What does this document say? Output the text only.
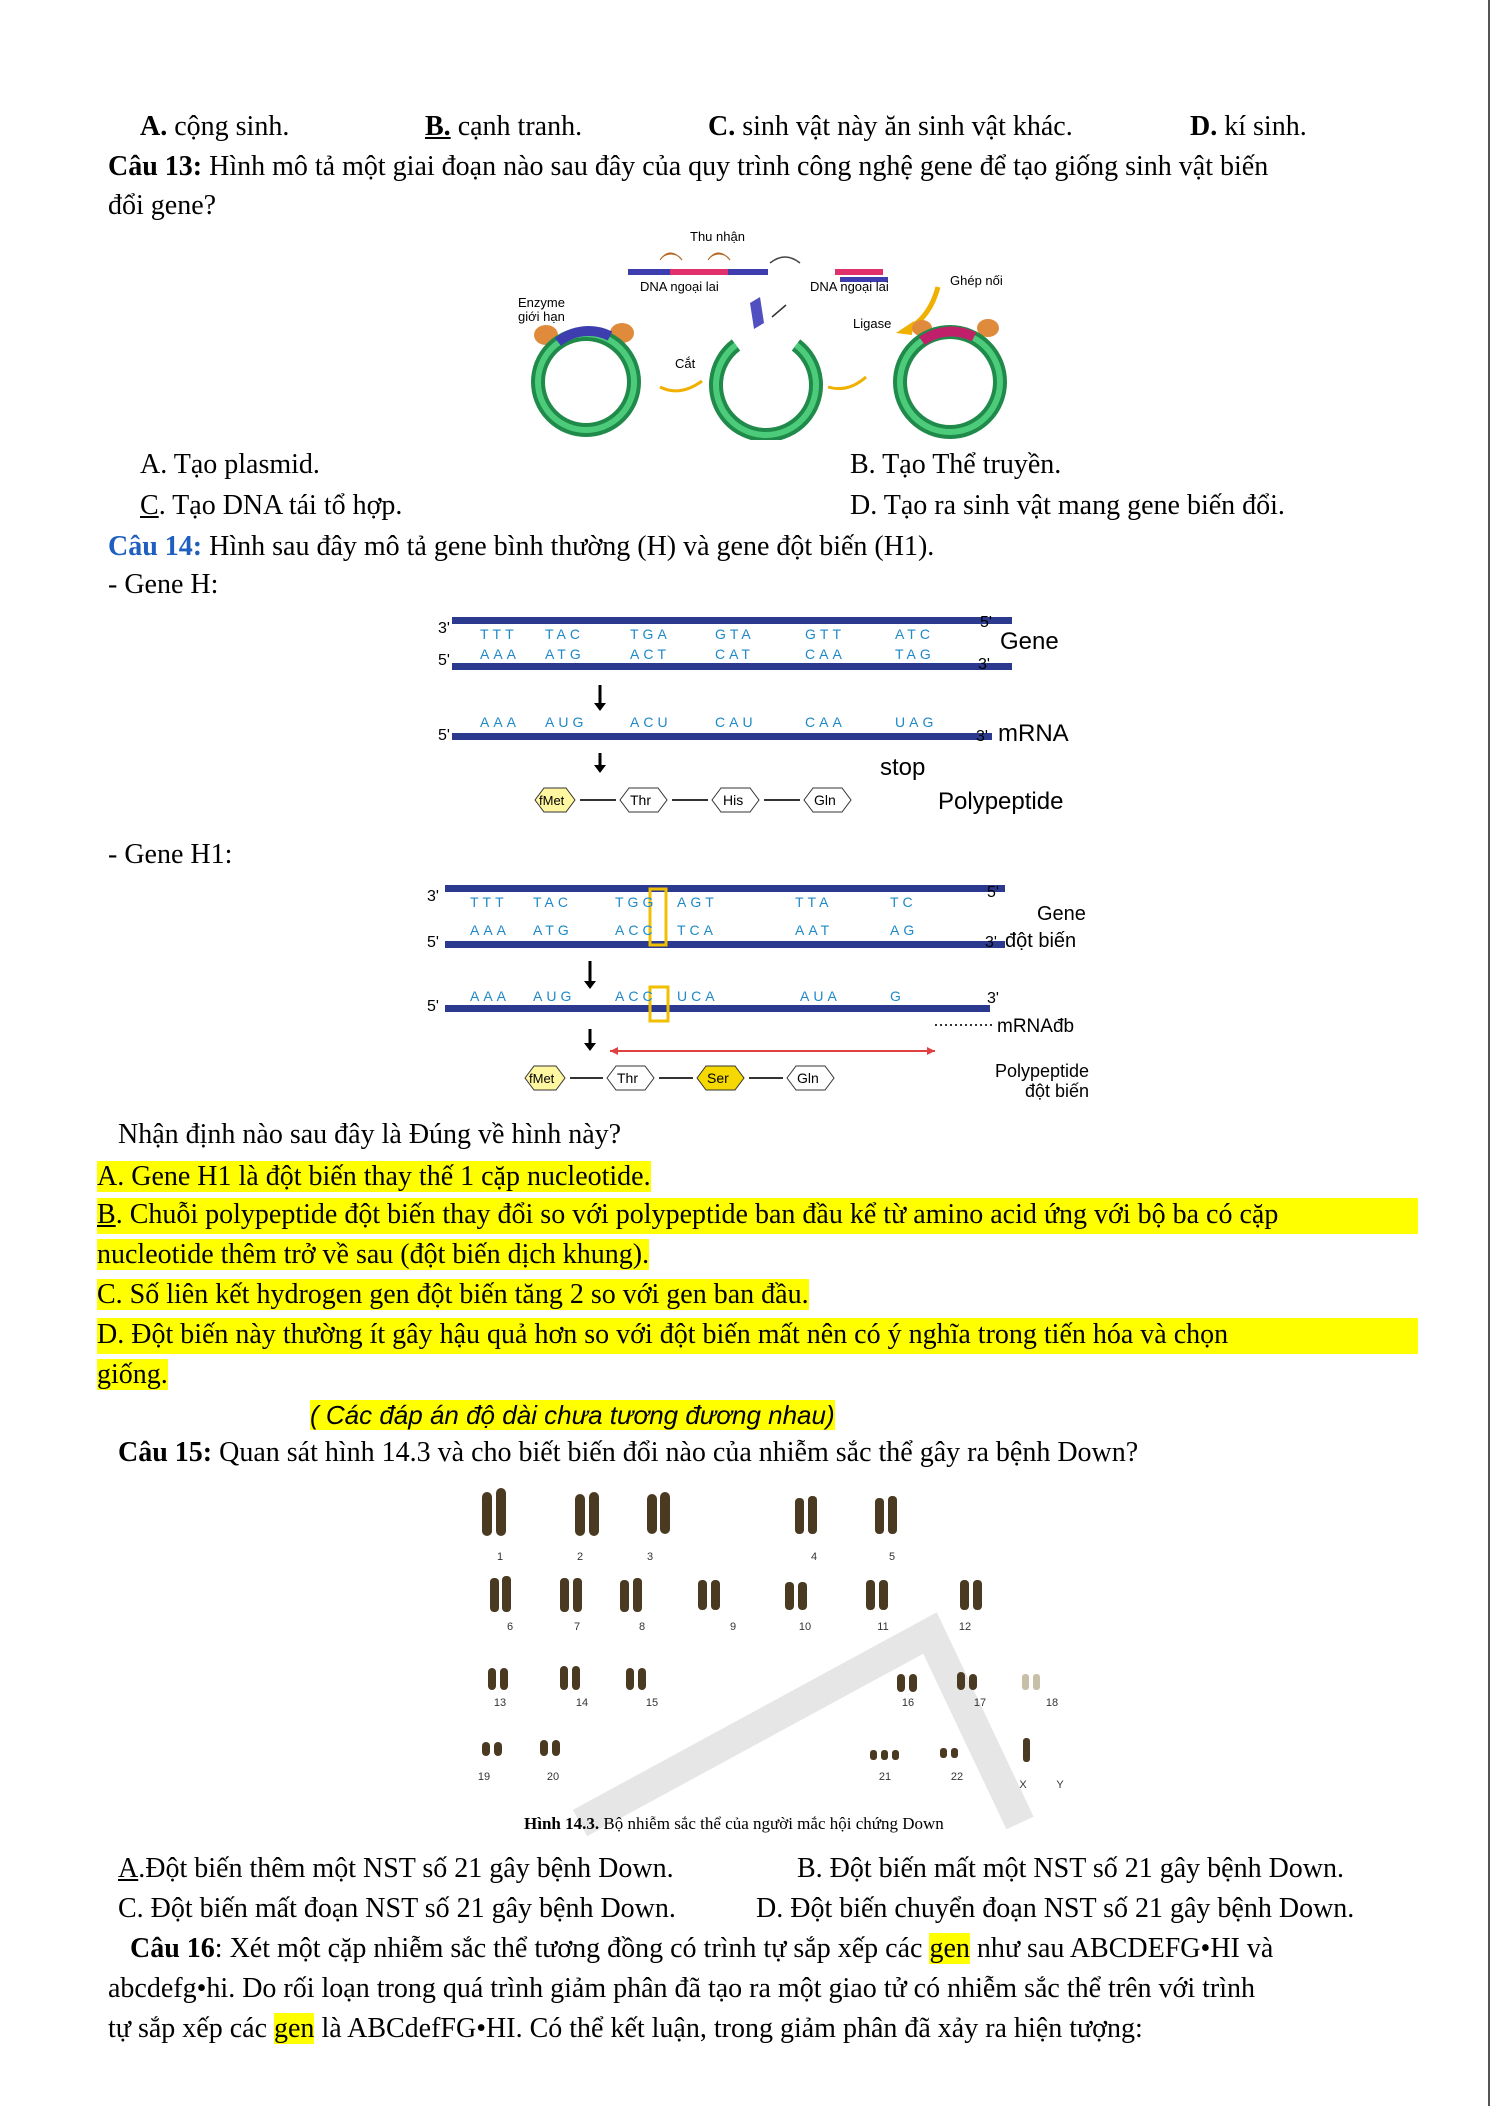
A. cộng sinh.	B. cạnh tranh.	C. sinh vật này ăn sinh vật khác.	D. kí sinh.
Câu 13: Hình mô tả một giai đoạn nào sau đây của quy trình công nghệ gene để tạo giống sinh vật biến
đổi gene?
Thu nhận
DNA ngoại lai	DNA ngoại lai	Ghép nối
Enzyme
giới hạn	Ligase
Cắt
A. Tạo plasmid.	B. Tạo Thể truyền.
C. Tạo DNA tái tổ hợp.	D. Tạo ra sinh vật mang gene biến đổi.
Câu 14: Hình sau đây mô tả gene bình thường (H) và gene đột biến (H1).
- Gene H:
3'
5'
TTT TAC	TGA	GTA	GTT	ATC
AAA ATG	ACT	CAT	CAA	TAG
5'
3'
Gene
5'
AAA AUG	ACU	CAU	CAA	UAG
3' mRNA
stop
fMet	Thr	His	Gln	Polypeptide
- Gene H1:
3'
5'
TTT TAC	TGG AGT	TTA	TC
AAA ATG	ACC TCA	AAT	AG
5'
3'
Gene
đột biến
5'
AAA AUG	ACC UCA	AUA	G	3'
mRNAđb
fMet	Thr	Ser	Gln	Polypeptide
đột biến
Nhận định nào sau đây là Đúng về hình này?
A. Gene H1 là đột biến thay thế 1 cặp nucleotide.
B. Chuỗi polypeptide đột biến thay đổi so với polypeptide ban đầu kể từ amino acid ứng với bộ ba có cặp
nucleotide thêm trở về sau (đột biến dịch khung).
C. Số liên kết hydrogen gen đột biến tăng 2 so với gen ban đầu.
D. Đột biến này thường ít gây hậu quả hơn so với đột biến mất nên có ý nghĩa trong tiến hóa và chọn
giống.
( Các đáp án độ dài chưa tương đương nhau)
Câu 15: Quan sát hình 14.3 và cho biết biến đổi nào của nhiễm sắc thể gây ra bệnh Down?
1	2	3	4	5
6	7	8	9	10	11	12
13	14	15	16	17	18
19	20	21	22
X	Y
Hình 14.3. Bộ nhiễm sắc thể của người mắc hội chứng Down
A.Đột biến thêm một NST số 21 gây bệnh Down.	B. Đột biến mất một NST số 21 gây bệnh Down.
C. Đột biến mất đoạn NST số 21 gây bệnh Down.	D. Đột biến chuyển đoạn NST số 21 gây bệnh Down.
Câu 16: Xét một cặp nhiễm sắc thể tương đồng có trình tự sắp xếp các gen như sau ABCDEFG•HI và
abcdefg•hi. Do rối loạn trong quá trình giảm phân đã tạo ra một giao tử có nhiễm sắc thể trên với trình
tự sắp xếp các gen là ABCdefFG•HI. Có thể kết luận, trong giảm phân đã xảy ra hiện tượng:
